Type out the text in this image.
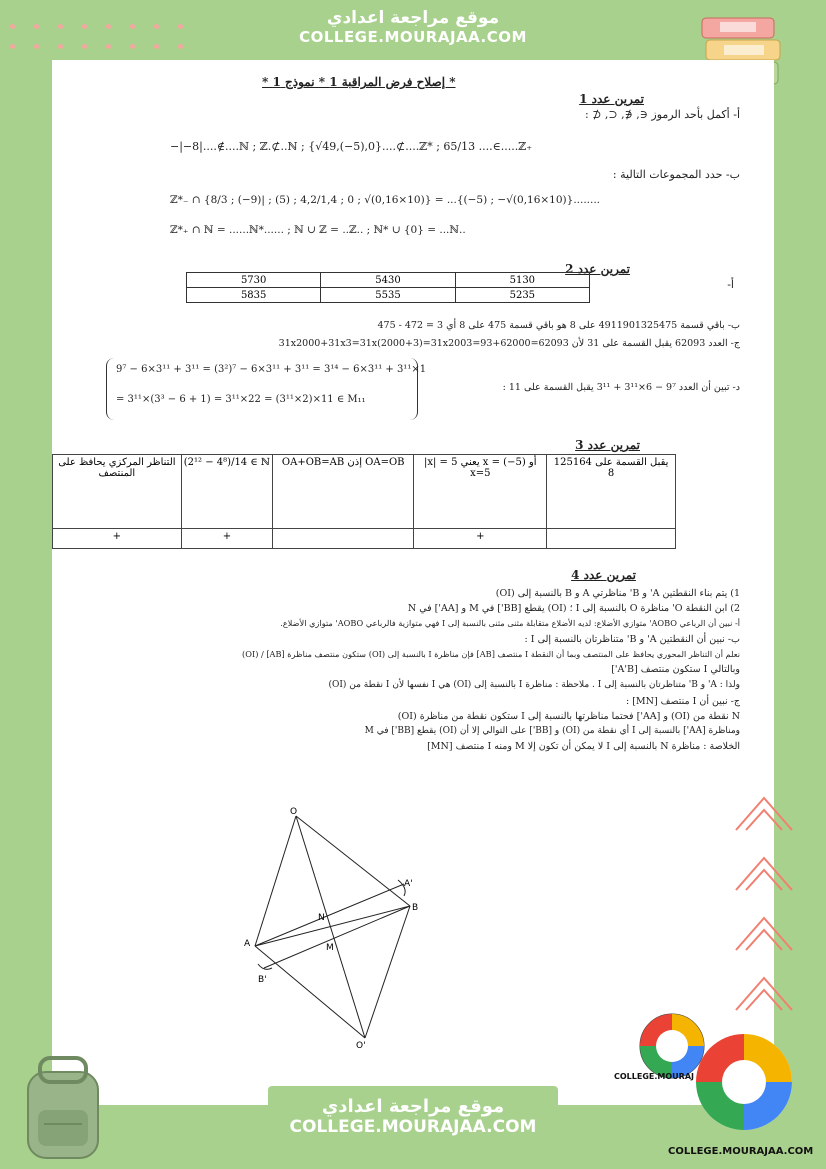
موقع مراجعة اعدادي
COLLEGE.MOURAJAA.COM
* إصلاح فرض المراقبة 1 * نموذج 1 *
تمرين عدد 1
أ- أكمل بأحد الرموز ∈, ∉, ⊂, ⊄ :
−|−8|....∉....ℕ ; ℤ.⊄..ℕ ; {√49,(−5),0}....⊄....ℤ* ; 65/13 ....∈.....ℤ₊
ب- حدد المجموعات التالية :
ℤ*₋ ∩ {8/3 ; (−9)| ; (5) ; 4,2/1,4 ; 0 ; √(0,16×10)} = ...{(−5) ; −√(0,16×10)}........
ℤ*₊ ∩ ℕ = ......ℕ*...... ; ℕ ∪ ℤ = ..ℤ.. ; ℕ* ∪ {0} = ...ℕ..
تمرين عدد 2
أ-
5730	5430	5130
5835	5535	5235
ب- باقي قسمة 4911901325475 على 8 هو باقي قسمة 475 على 8 أي 3 = 472 - 475
ج- العدد 62093 يقبل القسمة على 31 لأن 62093=62000+93=31x2000+31x3=31x(2000+3)=31x2003
9⁷ − 6×3¹¹ + 3¹¹ = (3²)⁷ − 6×3¹¹ + 3¹¹ = 3¹⁴ − 6×3¹¹ + 3¹¹×1
= 3¹¹×(3³ − 6 + 1) = 3¹¹×22 = (3¹¹×2)×11 ∈ M₁₁
د- تبين أن العدد 9⁷ − 6×3¹¹ + 3¹¹ يقبل القسمة على 11 :
تمرين عدد 3
التناظر المركزي يحافظ على المنتصف	(2¹² − 4⁸)/14 ∈ ℕ	OA+OB=AB إذن OA=OB	|x| = 5 يعني x = (−5) أو x=5	125164 يقبل القسمة على 8
+	+		+	
تمرين عدد 4
1) يتم بناء النقطتين A' و B' مناظرتي A و B بالنسبة إلى (OI)
2) ابن النقطة O' مناظرة O بالنسبة إلى I ؛ (OI) يقطع [BB'] في M و [AA'] في N
أ- نبين أن الرباعي AOBO' متوازي الأضلاع: لديه الأضلاع متقابلة مثنى مثنى بالنسبة إلى I فهي متوازية فالرباعي AOBO' متوازي الأضلاع.
ب- نبين أن النقطتين A' و B' متناظرتان بالنسبة إلى I :
نعلم أن التناظر المحوري يحافظ على المنتصف وبما أن النقطة I منتصف [AB] فإن مناظرة I بالنسبة إلى (OI) ستكون منتصف مناظرة [AB] / (OI)
وبالتالي I ستكون منتصف [A'B']
ولذا : A' و B' متناظرتان بالنسبة إلى I . ملاحظة : مناظرة I بالنسبة إلى (OI) هي I نفسها لأن I نقطة من (OI)
ج- نبين أن I منتصف [MN] :
N نقطة من (OI) و [AA'] فحتما مناظرتها بالنسبة إلى I ستكون نقطة من مناظرة (OI)
ومناظرة [AA'] بالنسبة إلى I أي نقطة من (OI) و [BB'] على التوالي إلا أن (OI) يقطع [BB'] في M
الخلاصة : مناظرة N بالنسبة إلى I لا يمكن أن تكون إلا M ومنه I منتصف [MN]
O
A'
B
N
M
A
B'
O'
موقع مراجعة اعدادي
COLLEGE.MOURAJAA.COM
COLLEGE.MOURAJ
COLLEGE.MOURAJAA.COM
